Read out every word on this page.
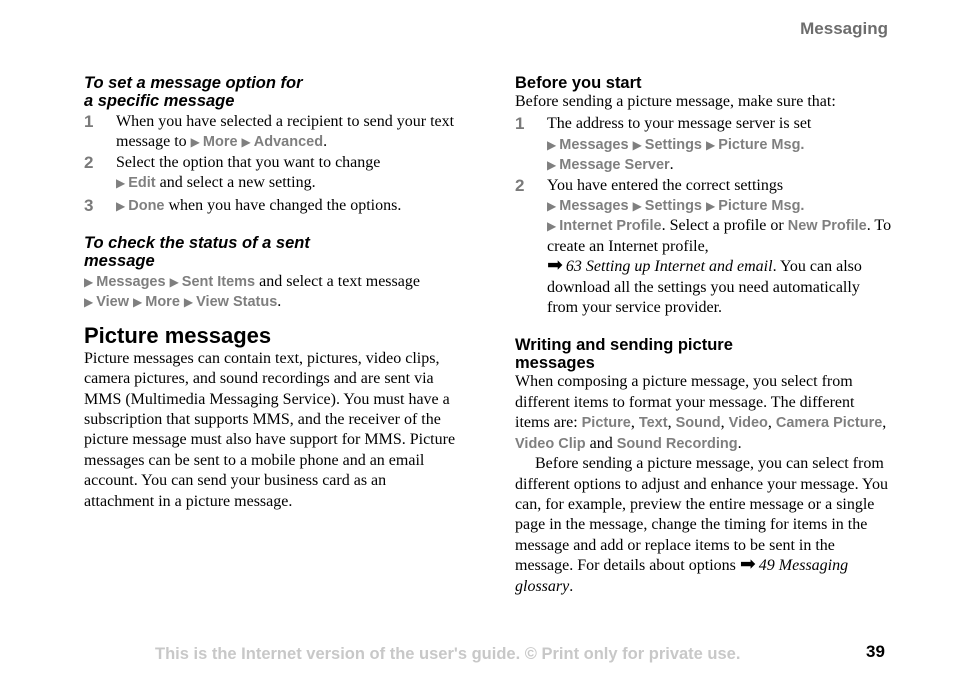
Messaging
To set a message option for
a specific message
1	When you have selected a recipient to send your text message to ▶ More ▶ Advanced.
2	Select the option that you want to change
▶ Edit and select a new setting.
3	▶ Done when you have changed the options.
To check the status of a sent
message

▶ Messages ▶ Sent Items and select a text message
▶ View ▶ More ▶ View Status.

Picture messages

Picture messages can contain text, pictures, video clips, camera pictures, and sound recordings and are sent via MMS (Multimedia Messaging Service). You must have a subscription that supports MMS, and the receiver of the picture message must also have support for MMS. Picture messages can be sent to a mobile phone and an email account. You can send your business card as an attachment in a picture message.

Before you start

Before sending a picture message, make sure that:

1	The address to your message server is set
▶ Messages ▶ Settings ▶ Picture Msg.
▶ Message Server.
2	You have entered the correct settings
▶ Messages ▶ Settings ▶ Picture Msg.
▶ Internet Profile. Select a profile or New Profile. To create an Internet profile,
➡ 63 Setting up Internet and email. You can also download all the settings you need automatically from your service provider.
Writing and sending picture
messages

When composing a picture message, you select from different items to format your message. The different items are: Picture, Text, Sound, Video, Camera Picture, Video Clip and Sound Recording.

Before sending a picture message, you can select from different options to adjust and enhance your message. You can, for example, preview the entire message or a single page in the message, change the timing for items in the message and add or replace items to be sent in the message. For details about options ➡ 49 Messaging glossary.

This is the Internet version of the user's guide. © Print only for private use.	39
